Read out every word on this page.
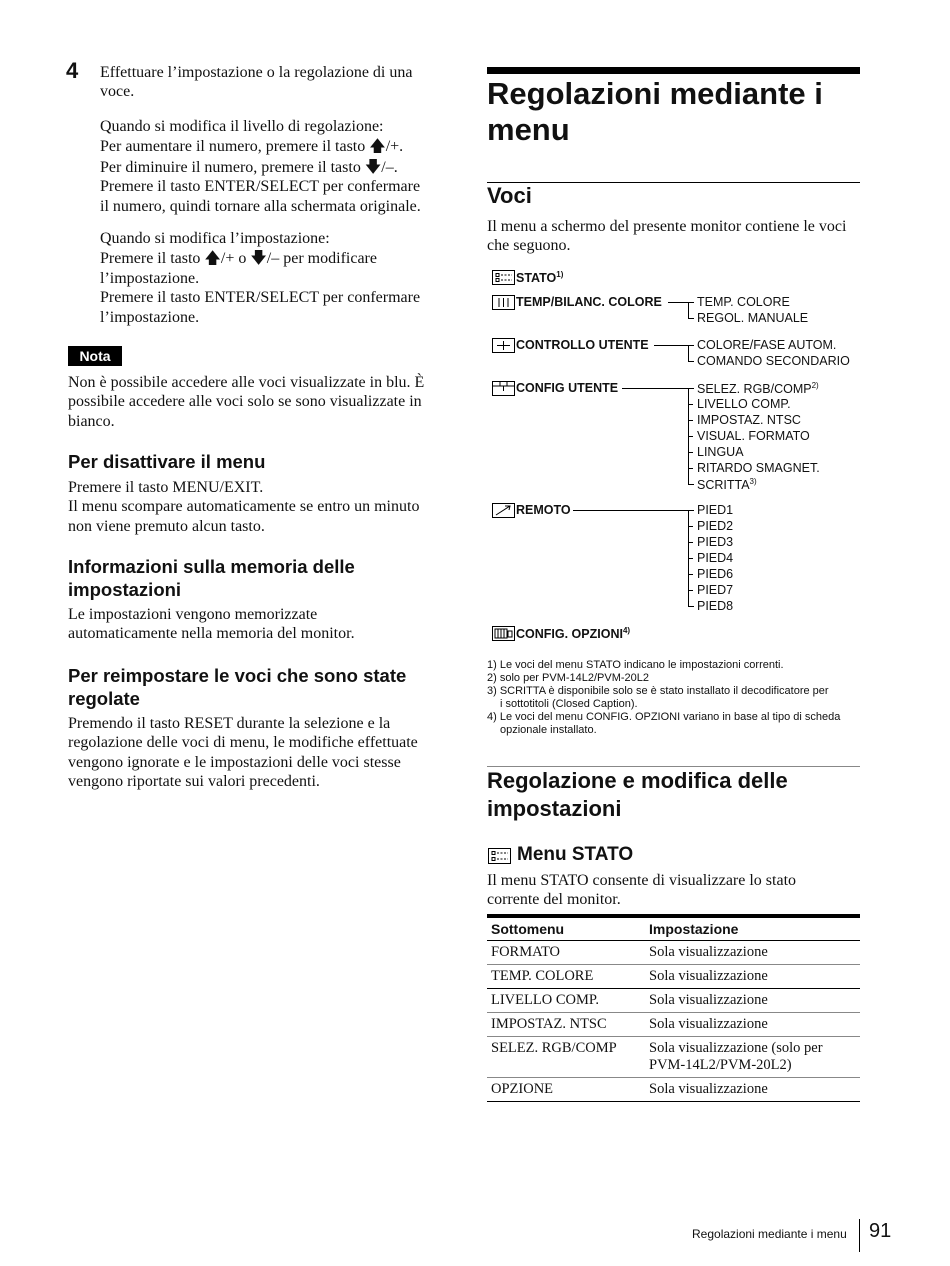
4 Effettuare l’impostazione o la regolazione di una

voce.

Quando si modifica il livello di regolazione:

Per aumentare il numero, premere il tasto 🡅/+.

Per diminuire il numero, premere il tasto 🡇/–.

Premere il tasto ENTER/SELECT per confermare

il numero, quindi tornare alla schermata originale.

Quando si modifica l’impostazione:

Premere il tasto 🡅/+ o 🡇/– per modificare

l’impostazione.

Premere il tasto ENTER/SELECT per confermare

l’impostazione.

Nota

Non è possibile accedere alle voci visualizzate in blu. È

possibile accedere alle voci solo se sono visualizzate in

bianco.

Per disattivare il menu

Premere il tasto MENU/EXIT.

Il menu scompare automaticamente se entro un minuto

non viene premuto alcun tasto.

Informazioni sulla memoria delle
impostazioni

Le impostazioni vengono memorizzate

automaticamente nella memoria del monitor.

Per reimpostare le voci che sono state
regolate

Premendo il tasto RESET durante la selezione e la

regolazione delle voci di menu, le modifiche effettuate

vengono ignorate e le impostazioni delle voci stesse

vengono riportate sui valori precedenti.

Regolazioni mediante i
menu
Voci

Il menu a schermo del presente monitor contiene le voci

che seguono.

STATO$^{1)}$
TEMP/BILANC. COLORE	TEMP. COLORE
REGOL. MANUALE
CONTROLLO UTENTE	COLORE/FASE AUTOM.
COMANDO SECONDARIO
CONFIG UTENTE	SELEZ. RGB/COMP$^{2)}$
LIVELLO COMP.
IMPOSTAZ. NTSC
VISUAL. FORMATO
LINGUA
RITARDO SMAGNET.
SCRITTA$^{3)}$
REMOTO	PIED1
PIED2
PIED3
PIED4
PIED6
PIED7
PIED8
CONFIG. OPZIONI$^{4)}$
1) Le voci del menu STATO indicano le impostazioni correnti.
2) solo per PVM-14L2/PVM-20L2
3) SCRITTA è disponibile solo se è stato installato il decodificatore per
i sottotitoli (Closed Caption).
4) Le voci del menu CONFIG. OPZIONI variano in base al tipo di scheda
opzionale installato.
Regolazione e modifica delle
impostazioni
Menu STATO

Il menu STATO consente di visualizzare lo stato

corrente del monitor.

Sottomenu	Impostazione
FORMATO	Sola visualizzazione
TEMP. COLORE	Sola visualizzazione
LIVELLO COMP.	Sola visualizzazione
IMPOSTAZ. NTSC	Sola visualizzazione
SELEZ. RGB/COMP	Sola visualizzazione (solo per PVM-14L2/PVM-20L2)
OPZIONE	Sola visualizzazione
Regolazioni mediante i menu 91
